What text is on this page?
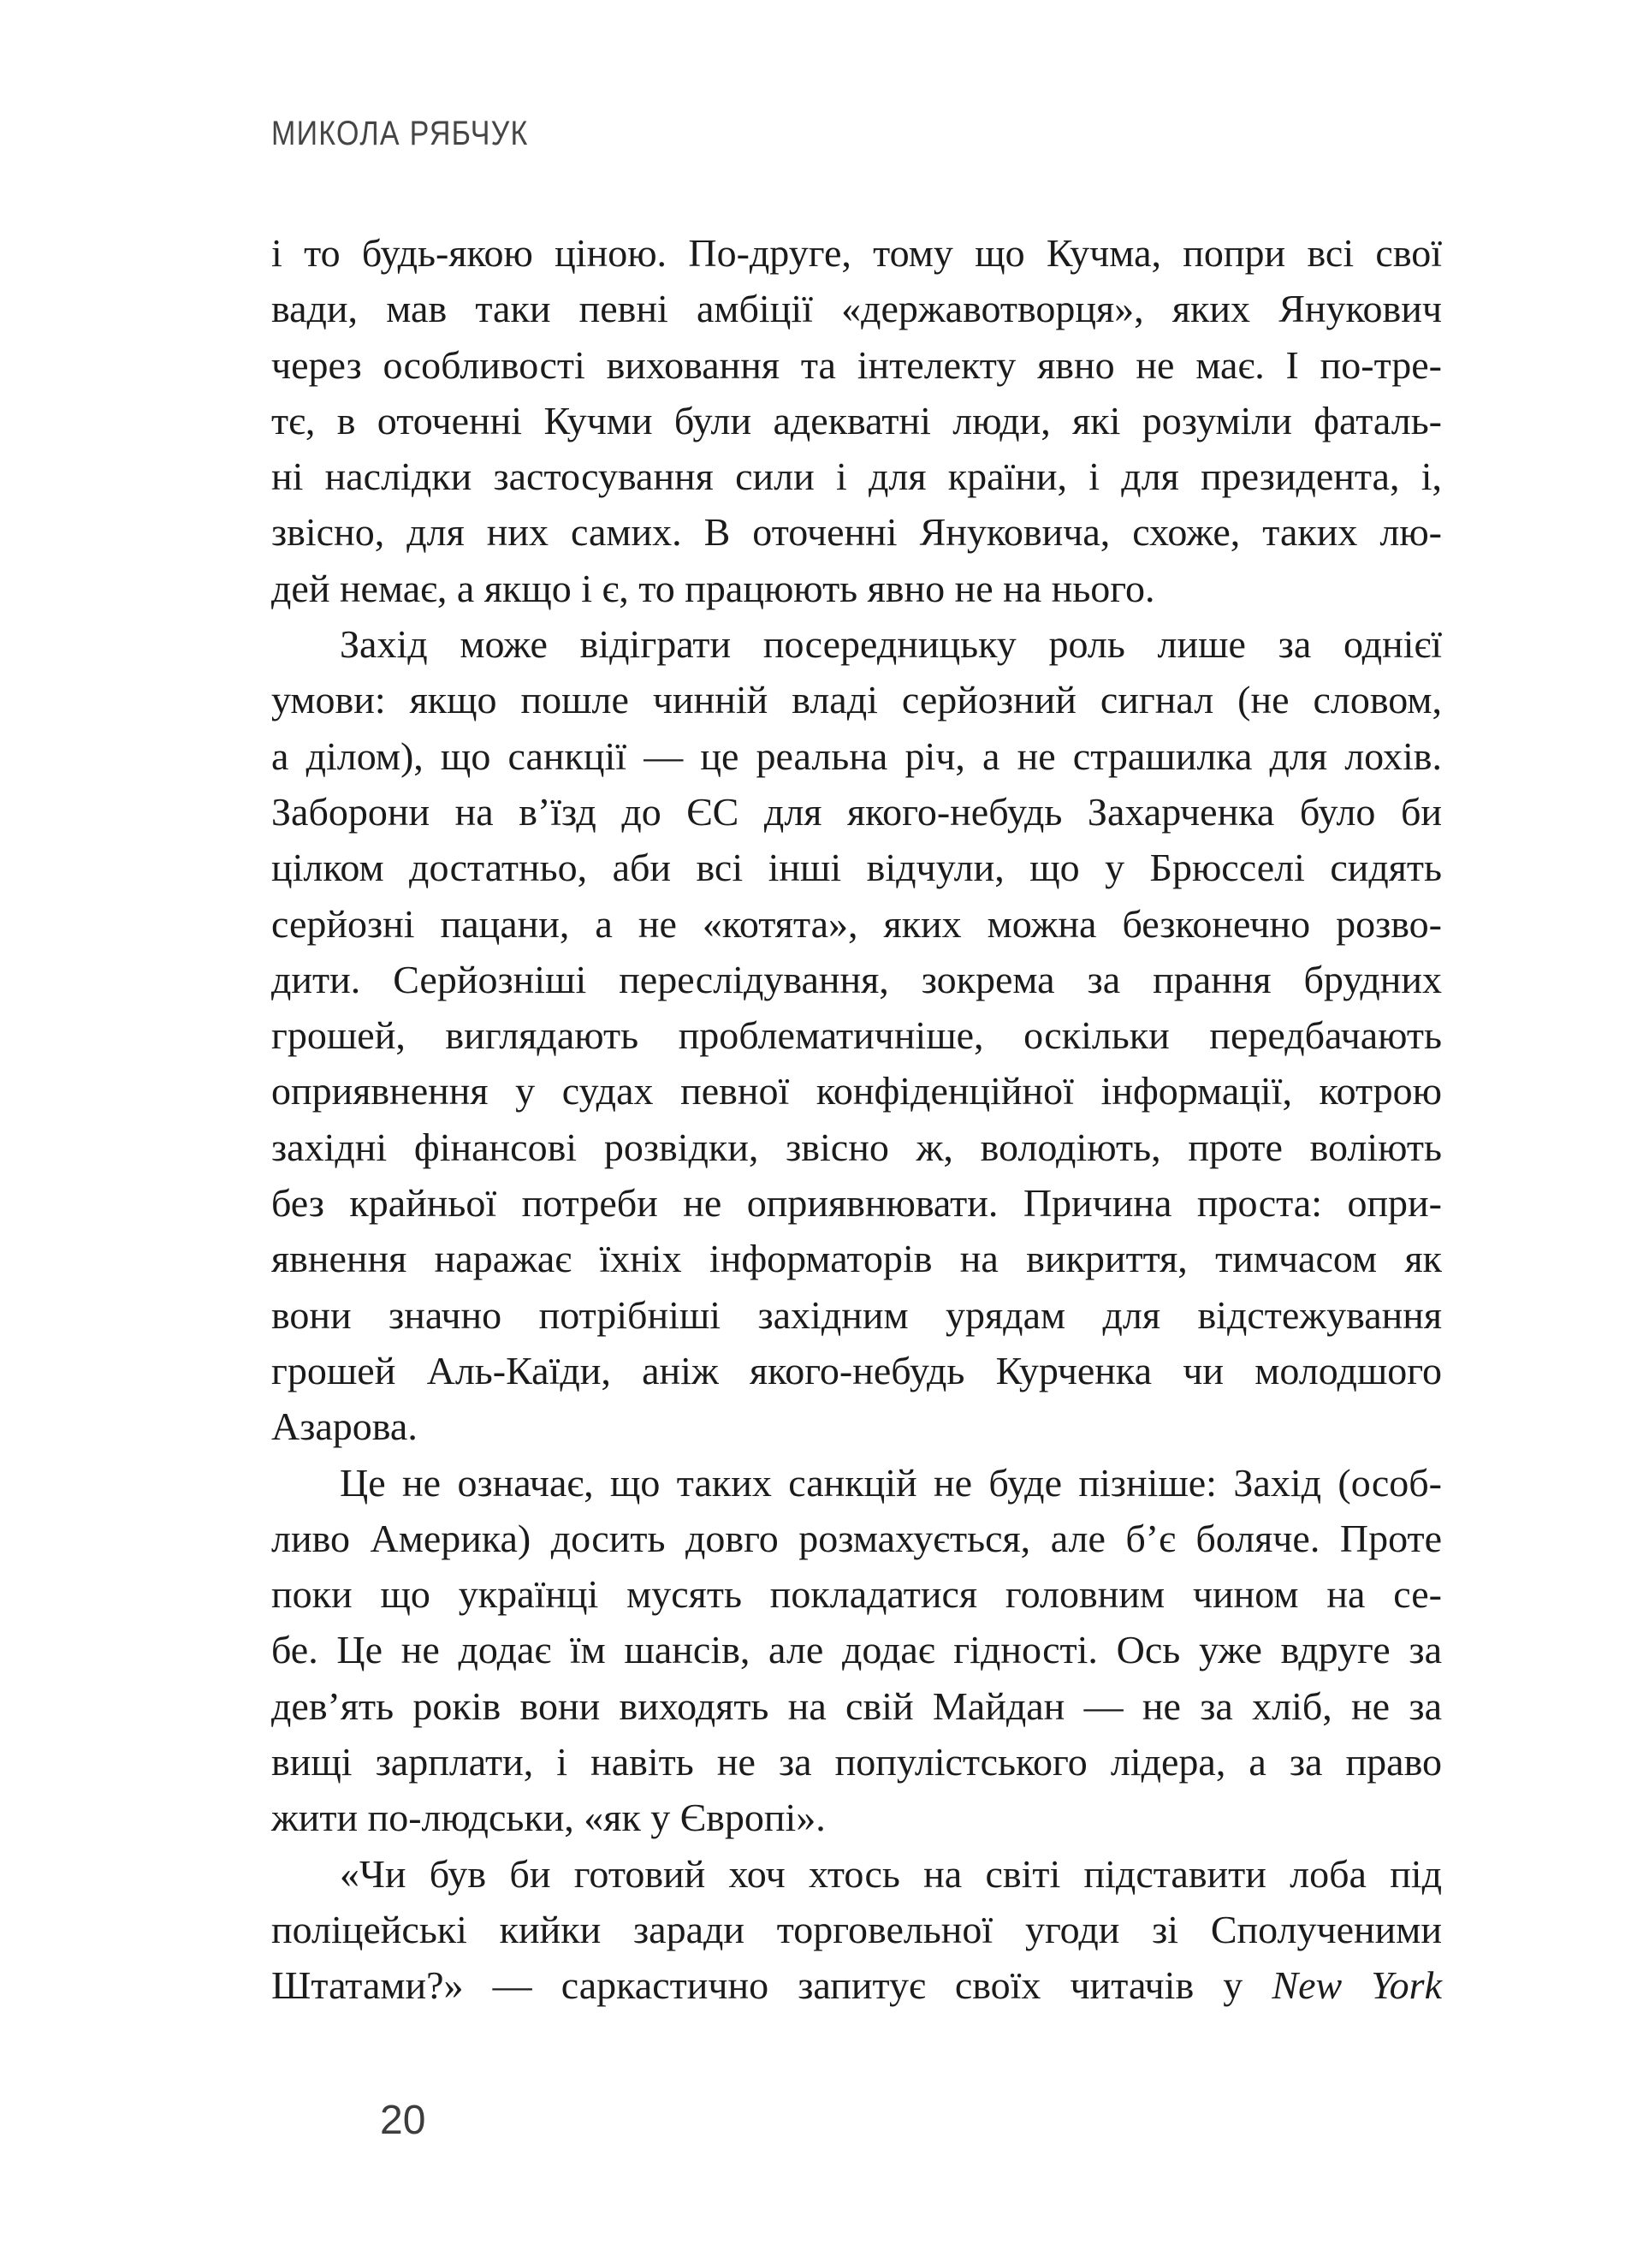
МИКОЛА РЯБЧУК
і то будь-якою ціною. По-друге, тому що Кучма, попри всі свої
вади, мав таки певні амбіції «державотворця», яких Янукович
через особливості виховання та інтелекту явно не має. І по-тре-
тє, в оточенні Кучми були адекватні люди, які розуміли фаталь-
ні наслідки застосування сили і для країни, і для президента, і,
звісно, для них самих. В оточенні Януковича, схоже, таких лю-
дей немає, а якщо і є, то працюють явно не на нього.
Захід може відіграти посередницьку роль лише за однієї
умови: якщо пошле чинній владі серйозний сигнал (не словом,
а ділом), що санкції — це реальна річ, а не страшилка для лохів.
Заборони на в’їзд до ЄС для якого-небудь Захарченка було би
цілком достатньо, аби всі інші відчули, що у Брюсселі сидять
серйозні пацани, а не «котята», яких можна безконечно розво-
дити. Серйозніші переслідування, зокрема за прання брудних
грошей, виглядають проблематичніше, оскільки передбачають
оприявнення у судах певної конфіденційної інформації, котрою
західні фінансові розвідки, звісно ж, володіють, проте воліють
без крайньої потреби не оприявнювати. Причина проста: опри-
явнення наражає їхніх інформаторів на викриття, тимчасом як
вони значно потрібніші західним урядам для відстежування
грошей Аль-Каїди, аніж якого-небудь Курченка чи молодшого
Азарова.
Це не означає, що таких санкцій не буде пізніше: Захід (особ-
ливо Америка) досить довго розмахується, але б’є боляче. Проте
поки що українці мусять покладатися головним чином на се-
бе. Це не додає їм шансів, але додає гідності. Ось уже вдруге за
дев’ять років вони виходять на свій Майдан — не за хліб, не за
вищі зарплати, і навіть не за популістського лідера, а за право
жити по-людськи, «як у Європі».
«Чи був би готовий хоч хтось на світі підставити лоба під
поліцейські кийки заради торговельної угоди зі Сполученими
Штатами?» — саркастично запитує своїх читачів у New York
20
